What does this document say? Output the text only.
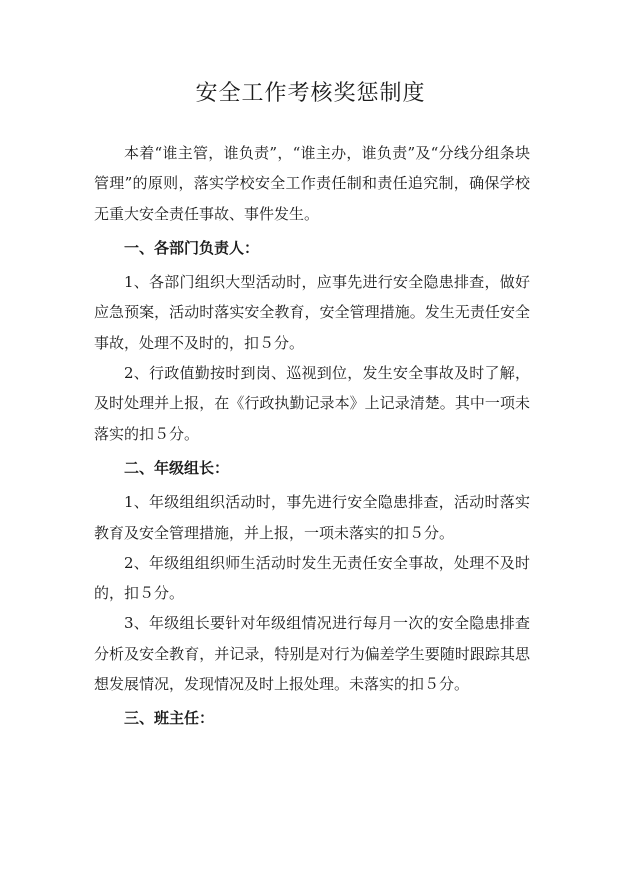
安全工作考核奖惩制度

本着“谁主管，谁负责”，“谁主办，谁负责”及“分线分组条块管理”的原则，落实学校安全工作责任制和责任追究制，确保学校无重大安全责任事故、事件发生。

一、各部门负责人：

1、各部门组织大型活动时，应事先进行安全隐患排查，做好应急预案，活动时落实安全教育，安全管理措施。发生无责任安全事故，处理不及时的，扣５分。

2、行政值勤按时到岗、巡视到位，发生安全事故及时了解，及时处理并上报，在《行政执勤记录本》上记录清楚。其中一项未落实的扣５分。

二、年级组长：

1、年级组组织活动时，事先进行安全隐患排查，活动时落实教育及安全管理措施，并上报，一项未落实的扣５分。

2、年级组组织师生活动时发生无责任安全事故，处理不及时的，扣５分。

3、年级组长要针对年级组情况进行每月一次的安全隐患排查分析及安全教育，并记录，特别是对行为偏差学生要随时跟踪其思想发展情况，发现情况及时上报处理。未落实的扣５分。

三、班主任：
